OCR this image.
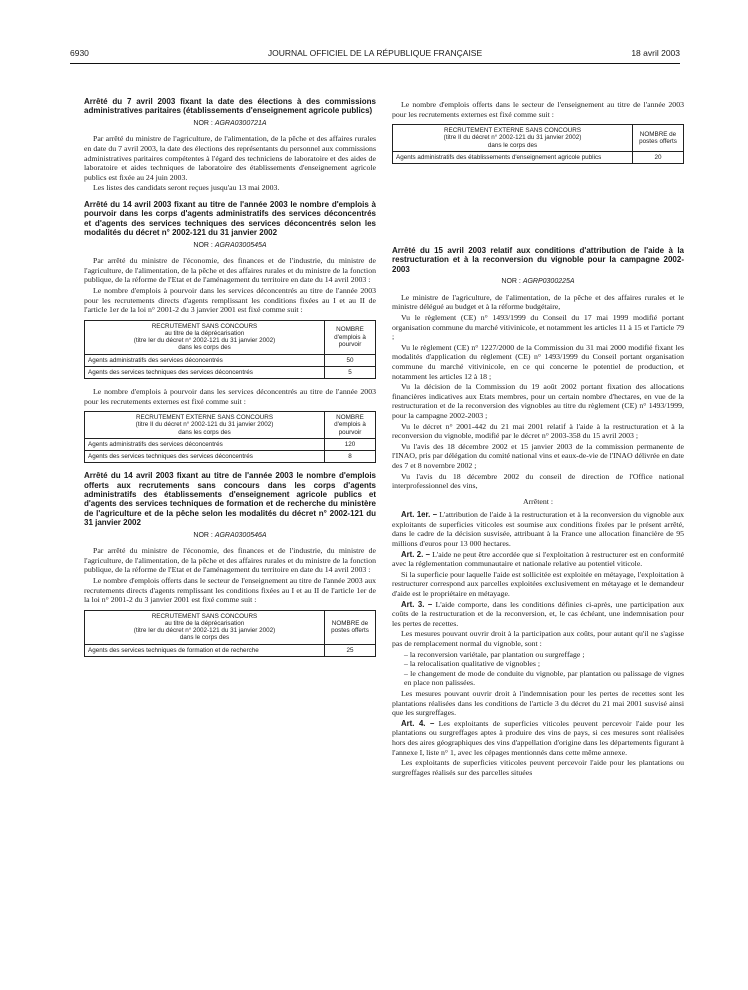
6930	JOURNAL OFFICIEL DE LA RÉPUBLIQUE FRANÇAISE	18 avril 2003
Arrêté du 7 avril 2003 fixant la date des élections à des commissions administratives paritaires (établissements d'enseignement agricole publics)
NOR : AGRA0300721A

Par arrêté du ministre de l'agriculture, de l'alimentation, de la pêche et des affaires rurales en date du 7 avril 2003, la date des élections des représentants du personnel aux commissions administratives paritaires compétentes à l'égard des techniciens de laboratoire et des aides de laboratoire et aides techniques de laboratoire des établissements d'enseignement agricole publics est fixée au 24 juin 2003.

Les listes des candidats seront reçues jusqu'au 13 mai 2003.

Arrêté du 14 avril 2003 fixant au titre de l'année 2003 le nombre d'emplois à pourvoir dans les corps d'agents administratifs des services déconcentrés et d'agents des services techniques des services déconcentrés selon les modalités du décret n° 2002-121 du 31 janvier 2002
NOR : AGRA0300545A

Par arrêté du ministre de l'économie, des finances et de l'industrie, du ministre de l'agriculture, de l'alimentation, de la pêche et des affaires rurales et du ministre de la fonction publique, de la réforme de l'Etat et de l'aménagement du territoire en date du 14 avril 2003 :

Le nombre d'emplois à pourvoir dans les services déconcentrés au titre de l'année 2003 pour les recrutements directs d'agents remplissant les conditions fixées au I et au II de l'article 1er de la loi n° 2001-2 du 3 janvier 2001 est fixé comme suit :

RECRUTEMENT SANS CONCOURS
au titre de la déprécarisation
(titre Ier du décret n° 2002-121 du 31 janvier 2002)
dans les corps des	NOMBRE d'emplois à pourvoir
Agents administratifs des services déconcentrés	50
Agents des services techniques des services déconcentrés	5

Le nombre d'emplois à pourvoir dans les services déconcentrés au titre de l'année 2003 pour les recrutements externes est fixé comme suit :

RECRUTEMENT EXTERNE SANS CONCOURS
(titre II du décret n° 2002-121 du 31 janvier 2002)
dans les corps des	NOMBRE d'emplois à pourvoir
Agents administratifs des services déconcentrés	120
Agents des services techniques des services déconcentrés	8
Arrêté du 14 avril 2003 fixant au titre de l'année 2003 le nombre d'emplois offerts aux recrutements sans concours dans les corps d'agents administratifs des établissements d'enseignement agricole publics et d'agents des services techniques de formation et de recherche du ministère de l'agriculture et de la pêche selon les modalités du décret n° 2002-121 du 31 janvier 2002
NOR : AGRA0300546A

Par arrêté du ministre de l'économie, des finances et de l'industrie, du ministre de l'agriculture, de l'alimentation, de la pêche et des affaires rurales et du ministre de la fonction publique, de la réforme de l'Etat et de l'aménagement du territoire en date du 14 avril 2003 :

Le nombre d'emplois offerts dans le secteur de l'enseignement au titre de l'année 2003 aux recrutements directs d'agents remplissant les conditions fixées au I et au II de l'article 1er de la loi n° 2001-2 du 3 janvier 2001 est fixé comme suit :

RECRUTEMENT SANS CONCOURS
au titre de la déprécarisation
(titre Ier du décret n° 2002-121 du 31 janvier 2002)
dans le corps des	NOMBRE de postes offerts
Agents des services techniques de formation et de recherche	25

Le nombre d'emplois offerts dans le secteur de l'enseignement au titre de l'année 2003 pour les recrutements externes est fixé comme suit :

RECRUTEMENT EXTERNE SANS CONCOURS
(titre II du décret n° 2002-121 du 31 janvier 2002)
dans le corps des	NOMBRE de postes offerts
Agents administratifs des établissements d'enseignement agricole publics	20
Arrêté du 15 avril 2003 relatif aux conditions d'attribution de l'aide à la restructuration et à la reconversion du vignoble pour la campagne 2002-2003
NOR : AGRP0300225A

Le ministre de l'agriculture, de l'alimentation, de la pêche et des affaires rurales et le ministre délégué au budget et à la réforme budgétaire,

Vu le règlement (CE) n° 1493/1999 du Conseil du 17 mai 1999 modifié portant organisation commune du marché vitivinicole, et notamment les articles 11 à 15 et l'article 79 ;

Vu le règlement (CE) n° 1227/2000 de la Commission du 31 mai 2000 modifié fixant les modalités d'application du règlement (CE) n° 1493/1999 du Conseil portant organisation commune du marché vitivinicole, en ce qui concerne le potentiel de production, et notamment les articles 12 à 18 ;

Vu la décision de la Commission du 19 août 2002 portant fixation des allocations financières indicatives aux Etats membres, pour un certain nombre d'hectares, en vue de la restructuration et de la reconversion des vignobles au titre du règlement (CE) n° 1493/1999, pour la campagne 2002-2003 ;

Vu le décret n° 2001-442 du 21 mai 2001 relatif à l'aide à la restructuration et à la reconversion du vignoble, modifié par le décret n° 2003-358 du 15 avril 2003 ;

Vu l'avis des 18 décembre 2002 et 15 janvier 2003 de la commission permanente de l'INAO, pris par délégation du comité national vins et eaux-de-vie de l'INAO délivrée en date des 7 et 8 novembre 2002 ;

Vu l'avis du 18 décembre 2002 du conseil de direction de l'Office national interprofessionnel des vins,

Arrêtent :

Art. 1er. – L'attribution de l'aide à la restructuration et à la reconversion du vignoble aux exploitants de superficies viticoles est soumise aux conditions fixées par le présent arrêté, dans le cadre de la décision susvisée, attribuant à la France une allocation financière de 95 millions d'euros pour 13 000 hectares.

Art. 2. – L'aide ne peut être accordée que si l'exploitation à restructurer est en conformité avec la réglementation communautaire et nationale relative au potentiel viticole.

Si la superficie pour laquelle l'aide est sollicitée est exploitée en métayage, l'exploitation à restructurer correspond aux parcelles exploitées exclusivement en métayage et le demandeur d'aide est le propriétaire en métayage.

Art. 3. – L'aide comporte, dans les conditions définies ci-après, une participation aux coûts de la restructuration et de la reconversion, et, le cas échéant, une indemnisation pour les pertes de recettes.

Les mesures pouvant ouvrir droit à la participation aux coûts, pour autant qu'il ne s'agisse pas de remplacement normal du vignoble, sont :

– la reconversion variétale, par plantation ou surgreffage ;
– la relocalisation qualitative de vignobles ;
– le changement de mode de conduite du vignoble, par plantation ou palissage de vignes en place non palissées.

Les mesures pouvant ouvrir droit à l'indemnisation pour les pertes de recettes sont les plantations réalisées dans les conditions de l'article 3 du décret du 21 mai 2001 susvisé ainsi que les surgreffages.

Art. 4. – Les exploitants de superficies viticoles peuvent percevoir l'aide pour les plantations ou surgreffages aptes à produire des vins de pays, si ces mesures sont réalisées hors des aires géographiques des vins d'appellation d'origine dans les départements figurant à l'annexe I, liste n° 1, avec les cépages mentionnés dans cette même annexe.

Les exploitants de superficies viticoles peuvent percevoir l'aide pour les plantations ou surgreffages réalisés sur des parcelles situées
